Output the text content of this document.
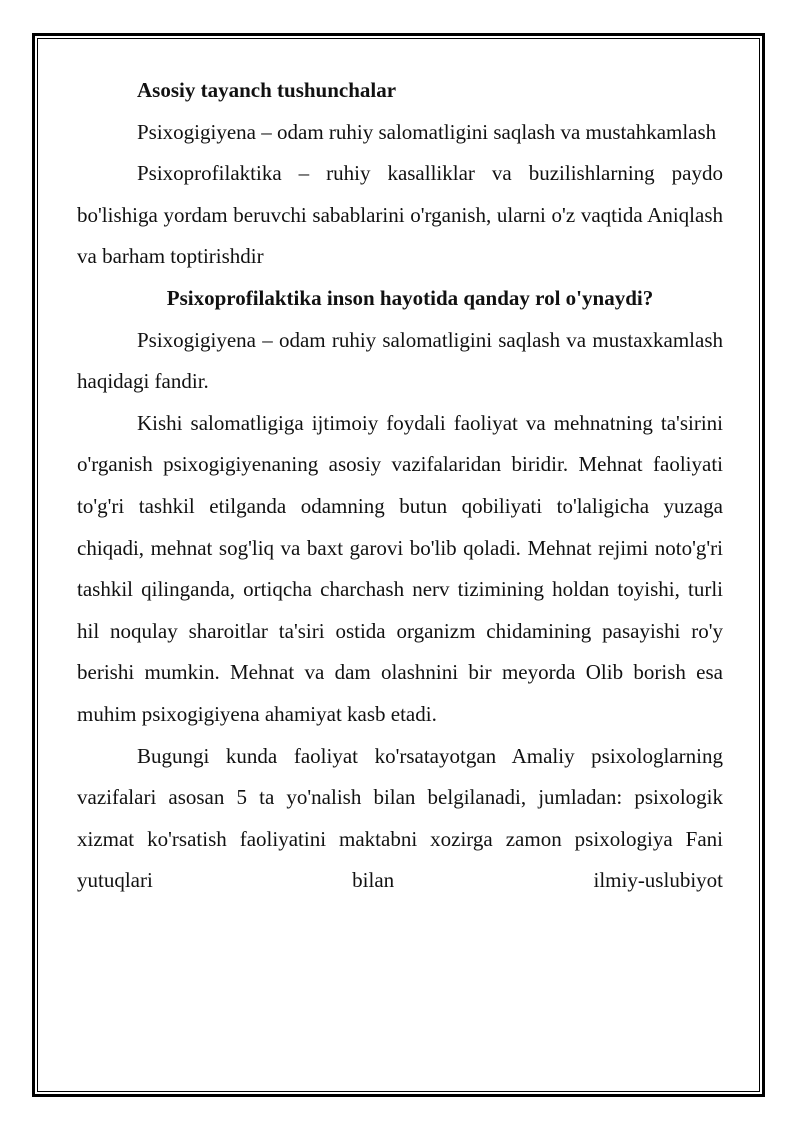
Asosiy tayanch tushunchalar

Psixogigiyena – odam ruhiy salomatligini saqlash va mustahkamlash

Psixoprofilaktika – ruhiy kasalliklar va buzilishlarning paydo bo'lishiga yordam beruvchi sabablarini o'rganish, ularni o'z vaqtida Aniqlash va barham toptirishdir

Psixoprofilaktika inson hayotida qanday rol o'ynaydi?

Psixogigiyena – odam ruhiy salomatligini saqlash va mustaxkamlash haqidagi fandir.

Kishi salomatligiga ijtimoiy foydali faoliyat va mehnatning ta'sirini o'rganish psixogigiyenaning asosiy vazifalaridan biridir. Mehnat faoliyati to'g'ri tashkil etilganda odamning butun qobiliyati to'laligicha yuzaga chiqadi, mehnat sog'liq va baxt garovi bo'lib qoladi. Mehnat rejimi noto'g'ri tashkil qilinganda, ortiqcha charchash nerv tizimining holdan toyishi, turli hil noqulay sharoitlar ta'siri ostida organizm chidamining pasayishi ro'y berishi mumkin. Mehnat va dam olashnini bir meyorda Olib borish esa muhim psixogigiyena ahamiyat kasb etadi.

Bugungi kunda faoliyat ko'rsatayotgan Amaliy psixologlarning vazifalari asosan 5 ta yo'nalish bilan belgilanadi, jumladan: psixologik xizmat ko'rsatish faoliyatini maktabni xozirga zamon psixologiya Fani yutuqlari bilan ilmiy-uslubiyot
